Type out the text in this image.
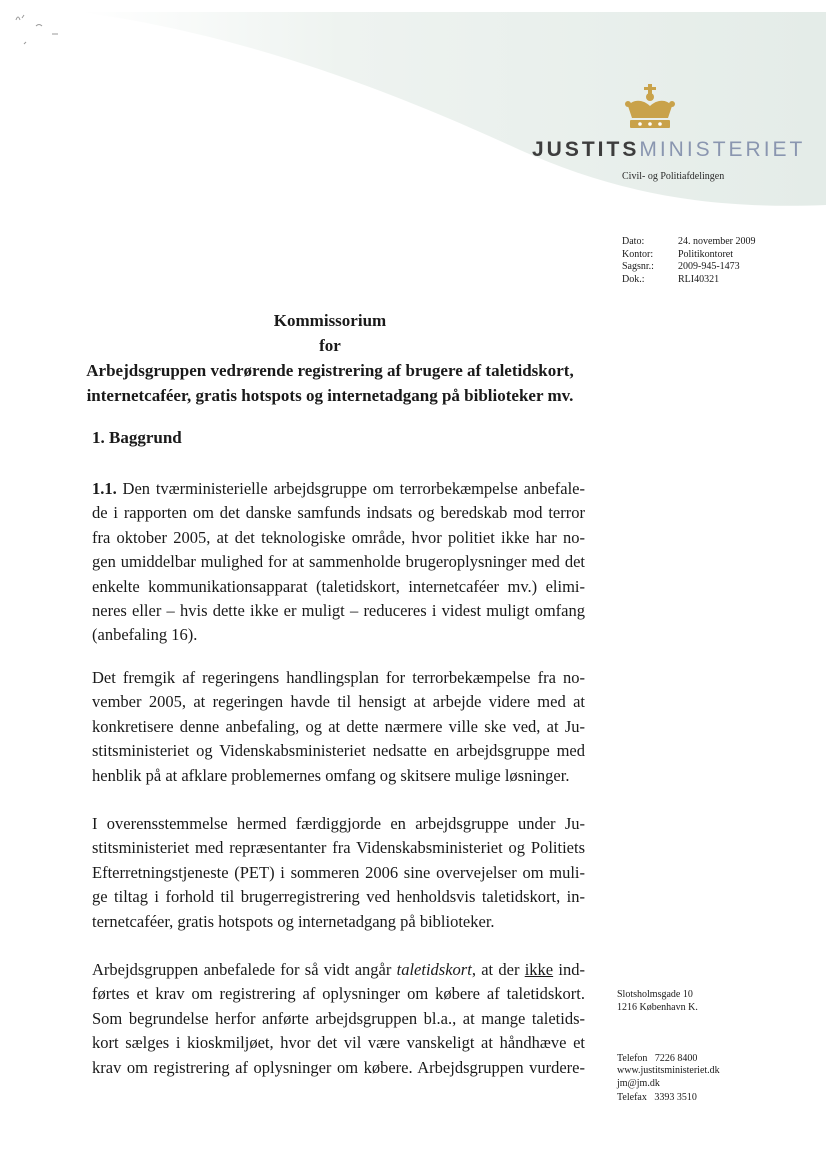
JUSTITSMINISTERIET

Civil- og Politiafdelingen
Dato:	24. november 2009
Kontor:	Politikontoret
Sagsnr.:	2009-945-1473
Dok.:	RLI40321
Kommissorium
for
Arbejdsgruppen vedrørende registrering af brugere af taletidskort,
internetcaféer, gratis hotspots og internetadgang på biblioteker mv.
1. Baggrund

1.1. Den tværministerielle arbejdsgruppe om terrorbekæmpelse anbefale-
de i rapporten om det danske samfunds indsats og beredskab mod terror
fra oktober 2005, at det teknologiske område, hvor politiet ikke har no-
gen umiddelbar mulighed for at sammenholde brugeroplysninger med det
enkelte kommunikationsapparat (taletidskort, internetcaféer mv.) elimi-
neres eller – hvis dette ikke er muligt – reduceres i videst muligt omfang
(anbefaling 16).

Det fremgik af regeringens handlingsplan for terrorbekæmpelse fra no-
vember 2005, at regeringen havde til hensigt at arbejde videre med at
konkretisere denne anbefaling, og at dette nærmere ville ske ved, at Ju-
stitsministeriet og Videnskabsministeriet nedsatte en arbejdsgruppe med
henblik på at afklare problemernes omfang og skitsere mulige løsninger.

I overensstemmelse hermed færdiggjorde en arbejdsgruppe under Ju-
stitsministeriet med repræsentanter fra Videnskabsministeriet og Politiets
Efterretningstjeneste (PET) i sommeren 2006 sine overvejelser om muli-
ge tiltag i forhold til brugerregistrering ved henholdsvis taletidskort, in-
ternetcaféer, gratis hotspots og internetadgang på biblioteker.

Arbejdsgruppen anbefalede for så vidt angår taletidskort, at der ikke ind-
førtes et krav om registrering af oplysninger om købere af taletidskort.
Som begrundelse herfor anførte arbejdsgruppen bl.a., at mange taletids-
kort sælges i kioskmiljøet, hvor det vil være vanskeligt at håndhæve et
krav om registrering af oplysninger om købere. Arbejdsgruppen vurdere-

Slotsholmsgade 10
1216 København K.

Telefon   7226 8400

Telefax   3393 3510

www.justitsministeriet.dk
jm@jm.dk
